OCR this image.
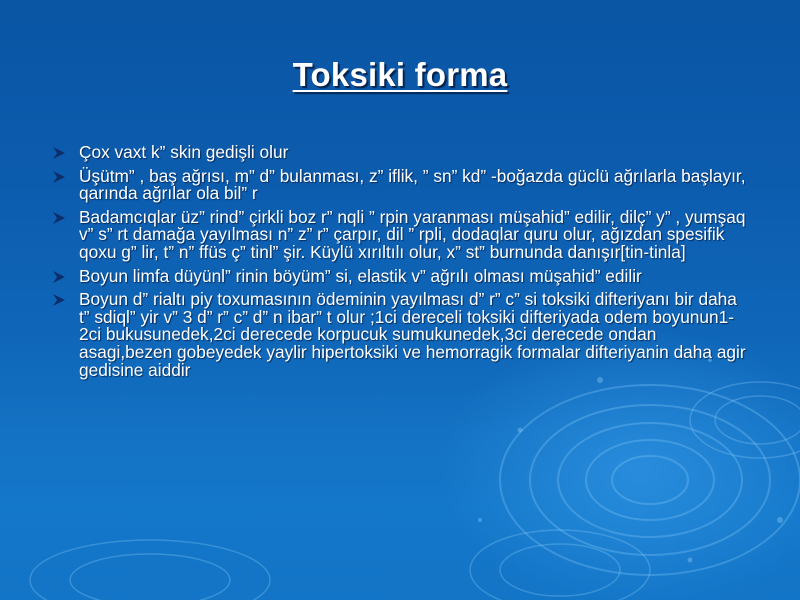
Toksiki forma
Çox vaxt k” skin gedişli olur
Üşütm” , baş ağrısı, m” d” bulanması, z” iflik, ” sn” kd” -boğazda güclü ağrılarla başlayır, qarında ağrılar ola bil” r
Badamcıqlar üz” rind” çirkli boz r” nqli ” rpin yaranması müşahid” edilir, dilç” y” , yumşaq v” s” rt damağa yayılması n” z” r” çarpır, dil ” rpli, dodaqlar quru olur, ağızdan spesifik qoxu g” lir, t” n” ffüs ç” tinl” şir. Küylü xırıltılı olur, x” st” burnunda danışır[tin-tinla]
Boyun limfa düyünl” rinin böyüm” si, elastik v” ağrılı olması müşahid” edilir
Boyun d” rialtı piy toxumasının ödeminin yayılması d” r” c” si toksiki difteriyanı bir daha t” sdiql” yir v” 3 d” r” c” d” n ibar” t olur ;1ci dereceli toksiki difteriyada odem boyunun1-2ci bukusunedek,2ci derecede korpucuk sumukunedek,3ci derecede ondan asagi,bezen gobeyedek yaylir hipertoksiki ve hemorragik formalar difteriyanin daha agir gedisine aiddir
